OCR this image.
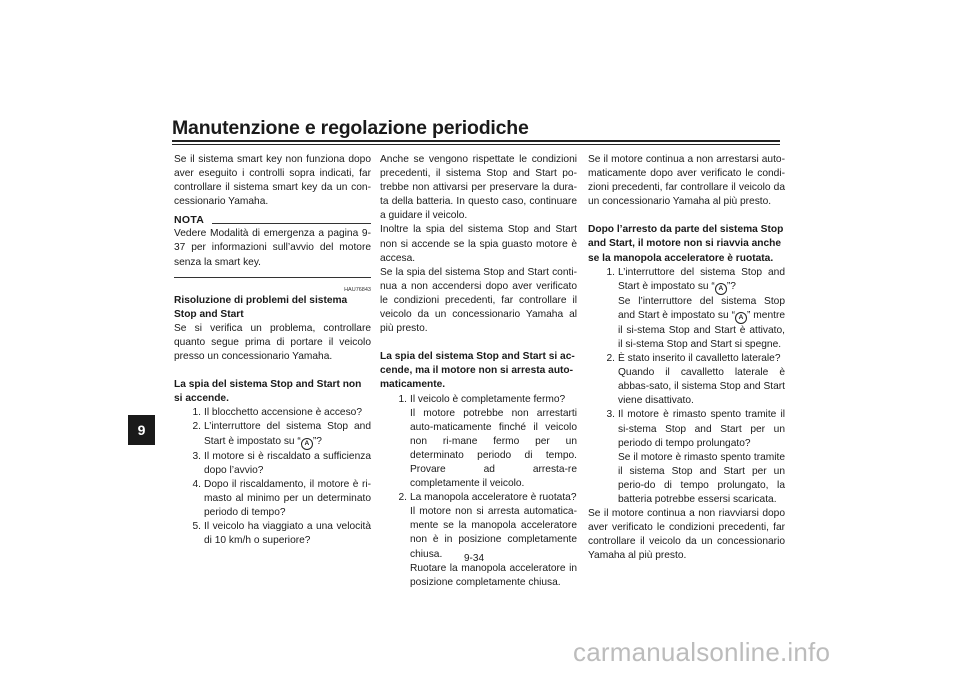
Manutenzione e regolazione periodiche
9

Se il sistema smart key non funziona dopo aver eseguito i controlli sopra indicati, far controllare il sistema smart key da un con-cessionario Yamaha.

NOTA

Vedere Modalità di emergenza a pagina 9-37 per informazioni sull’avvio del motore senza la smart key.

HAU76843

Risoluzione di problemi del sistema Stop and Start

Se si verifica un problema, controllare quanto segue prima di portare il veicolo presso un concessionario Yamaha.

La spia del sistema Stop and Start non si accende.

1. Il blocchetto accensione è acceso?
2. L’interruttore del sistema Stop and Start è impostato su “ A ”?
3. Il motore si è riscaldato a sufficienza dopo l’avvio?
4. Dopo il riscaldamento, il motore è ri-masto al minimo per un determinato periodo di tempo?
5. Il veicolo ha viaggiato a una velocità di 10 km/h o superiore?

Anche se vengono rispettate le condizioni precedenti, il sistema Stop and Start po-trebbe non attivarsi per preservare la dura-ta della batteria. In questo caso, continuare a guidare il veicolo.

Inoltre la spia del sistema Stop and Start non si accende se la spia guasto motore è accesa.

Se la spia del sistema Stop and Start conti-nua a non accendersi dopo aver verificato le condizioni precedenti, far controllare il veicolo da un concessionario Yamaha al più presto.

La spia del sistema Stop and Start si ac-cende, ma il motore non si arresta auto-maticamente.

1. Il veicolo è completamente fermo?

Il motore potrebbe non arrestarti auto-maticamente finché il veicolo non ri-mane fermo per un determinato periodo di tempo. Provare ad arresta-re completamente il veicolo.

2. La manopola acceleratore è ruotata?

Il motore non si arresta automatica-mente se la manopola acceleratore non è in posizione completamente chiusa.

Ruotare la manopola acceleratore in posizione completamente chiusa.

Se il motore continua a non arrestarsi auto-maticamente dopo aver verificato le condi-zioni precedenti, far controllare il veicolo da un concessionario Yamaha al più presto.

Dopo l’arresto da parte del sistema Stop and Start, il motore non si riavvia anche se la manopola acceleratore è ruotata.

1. L’interruttore del sistema Stop and Start è impostato su “ A ”?

Se l’interruttore del sistema Stop and Start è impostato su “ A ” mentre il si-stema Stop and Start è attivato, il si-stema Stop and Start si spegne.

2. È stato inserito il cavalletto laterale?

Quando il cavalletto laterale è abbas-sato, il sistema Stop and Start viene disattivato.

3. Il motore è rimasto spento tramite il si-stema Stop and Start per un periodo di tempo prolungato?

Se il motore è rimasto spento tramite il sistema Stop and Start per un perio-do di tempo prolungato, la batteria potrebbe essersi scaricata.

Se il motore continua a non riavviarsi dopo aver verificato le condizioni precedenti, far controllare il veicolo da un concessionario Yamaha al più presto.

9-34
carmanualsonline.info
